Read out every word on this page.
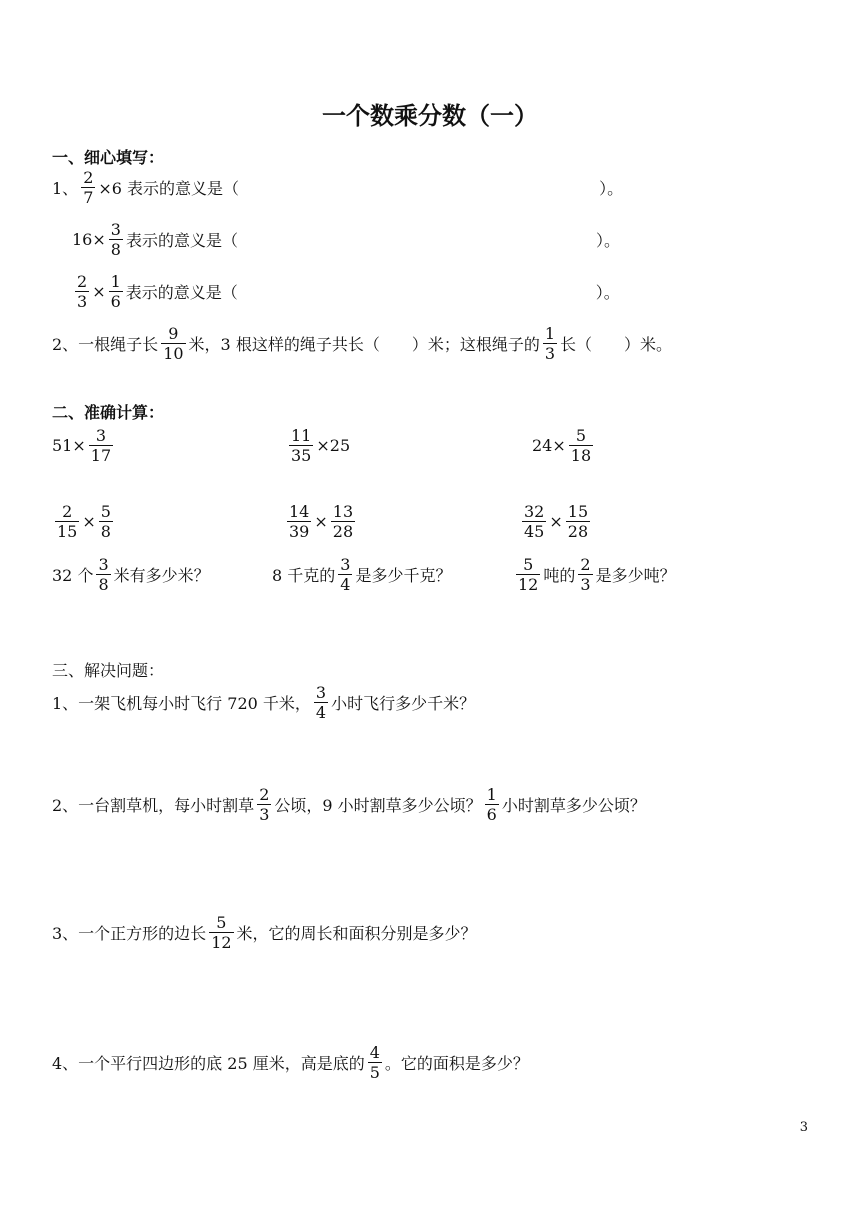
一个数乘分数（一）
一、细心填写：
1、 $\frac{2}{7} \times 6$ 表示的意义是（	）。
$16\times \frac{3}{8}$ 表示的意义是（	）。
$\frac{2}{3} \times \frac{1}{6}$ 表示的意义是（	）。
2、一根绳子长 $\frac{9}{10}$ 米，3 根这样的绳子共长（　　）米；这根绳子的 $\frac{1}{3}$ 长（　　）米。
二、准确计算：
$51\times \frac{3}{17}$	$\frac{11}{35} \times 25$	$24\times \frac{5}{18}$
$\frac{2}{15} \times \frac{5}{8}$	$\frac{14}{39} \times \frac{13}{28}$	$\frac{32}{45} \times \frac{15}{28}$
32 个 $\frac{3}{8}$ 米有多少米？	8 千克的 $\frac{3}{4}$ 是多少千克？	$\frac{5}{12}$ 吨的 $\frac{2}{3}$ 是多少吨？
三、解决问题：
1、一架飞机每小时飞行 720 千米， $\frac{3}{4}$ 小时飞行多少千米？
2、一台割草机，每小时割草 $\frac{2}{3}$ 公顷，9 小时割草多少公顷？ $\frac{1}{6}$ 小时割草多少公顷？
3、一个正方形的边长 $\frac{5}{12}$ 米，它的周长和面积分别是多少？
4、一个平行四边形的底 25 厘米，高是底的 $\frac{4}{5}$ 。它的面积是多少？
3
